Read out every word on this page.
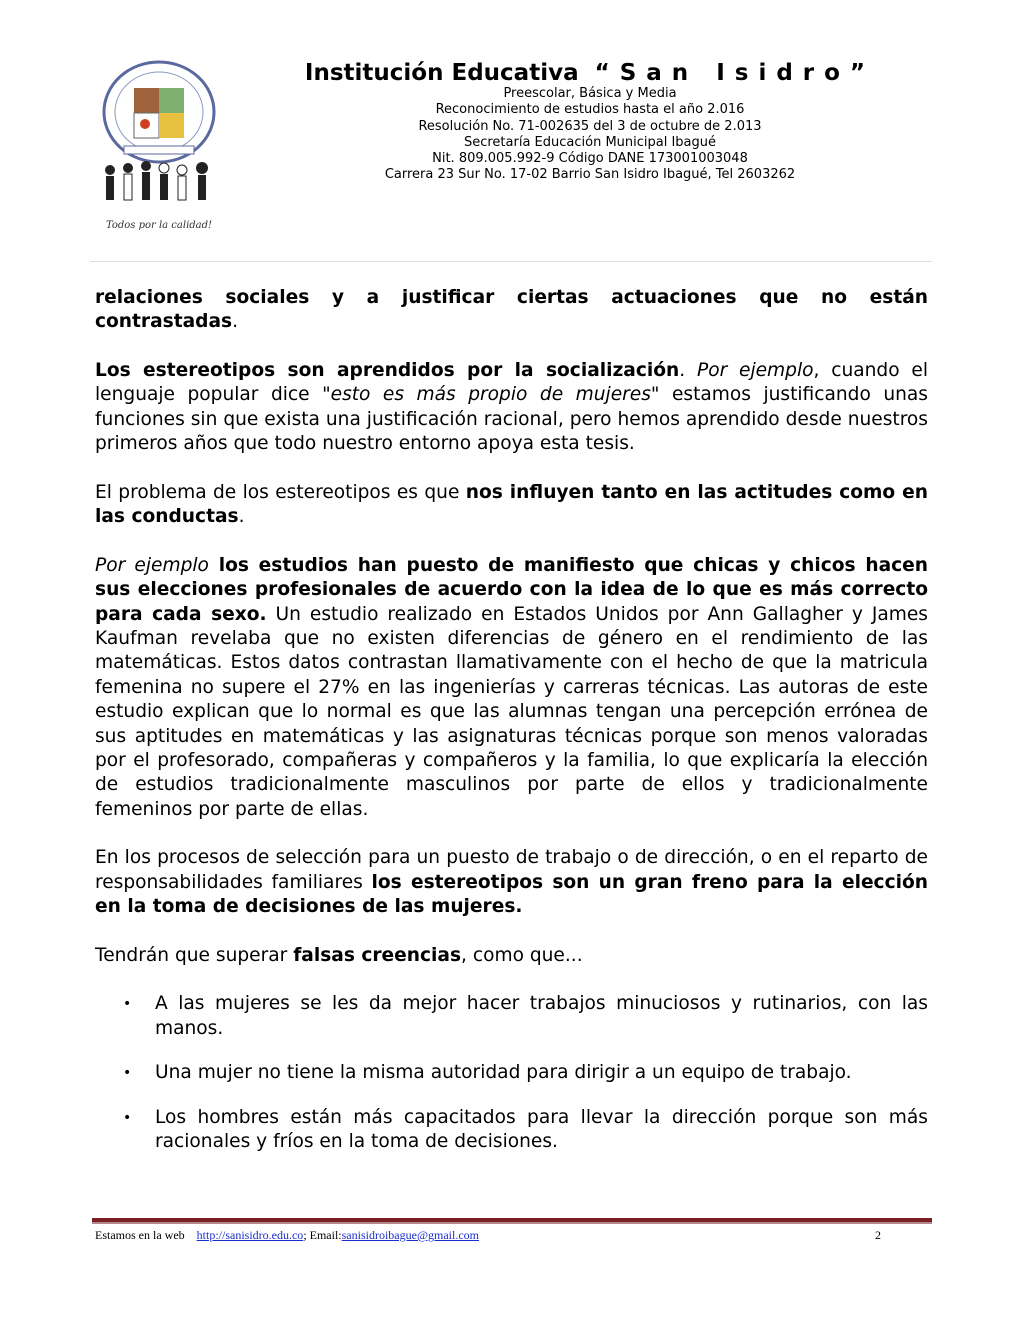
Todos por la calidad!
Institución Educativa “San Isidro”
Preescolar, Básica y Media
Reconocimiento de estudios hasta el año 2.016
Resolución No. 71-002635 del 3 de octubre de 2.013
Secretaría Educación Municipal Ibagué
Nit. 809.005.992-9 Código DANE 173001003048
Carrera 23 Sur No. 17-02 Barrio San Isidro Ibagué, Tel 2603262

relaciones sociales y a justificar ciertas actuaciones que no están contrastadas.

Los estereotipos son aprendidos por la socialización. Por ejemplo, cuando el lenguaje popular dice "esto es más propio de mujeres" estamos justificando unas funciones sin que exista una justificación racional, pero hemos aprendido desde nuestros primeros años que todo nuestro entorno apoya esta tesis.

El problema de los estereotipos es que nos influyen tanto en las actitudes como en las conductas.

Por ejemplo los estudios han puesto de manifiesto que chicas y chicos hacen sus elecciones profesionales de acuerdo con la idea de lo que es más correcto para cada sexo. Un estudio realizado en Estados Unidos por Ann Gallagher y James Kaufman revelaba que no existen diferencias de género en el rendimiento de las matemáticas. Estos datos contrastan llamativamente con el hecho de que la matricula femenina no supere el 27% en las ingenierías y carreras técnicas. Las autoras de este estudio explican que lo normal es que las alumnas tengan una percepción errónea de sus aptitudes en matemáticas y las asignaturas técnicas porque son menos valoradas por el profesorado, compañeras y compañeros y la familia, lo que explicaría la elección de estudios tradicionalmente masculinos por parte de ellos y tradicionalmente femeninos por parte de ellas.

En los procesos de selección para un puesto de trabajo o de dirección, o en el reparto de responsabilidades familiares los estereotipos son un gran freno para la elección en la toma de decisiones de las mujeres.

Tendrán que superar falsas creencias, como que...

• A las mujeres se les da mejor hacer trabajos minuciosos y rutinarios, con las manos.
• Una mujer no tiene la misma autoridad para dirigir a un equipo de trabajo.
• Los hombres están más capacitados para llevar la dirección porque son más racionales y fríos en la toma de decisiones.
Estamos en la web http://sanisidro.edu.co; Email:sanisidroibague@gmail.com	2
